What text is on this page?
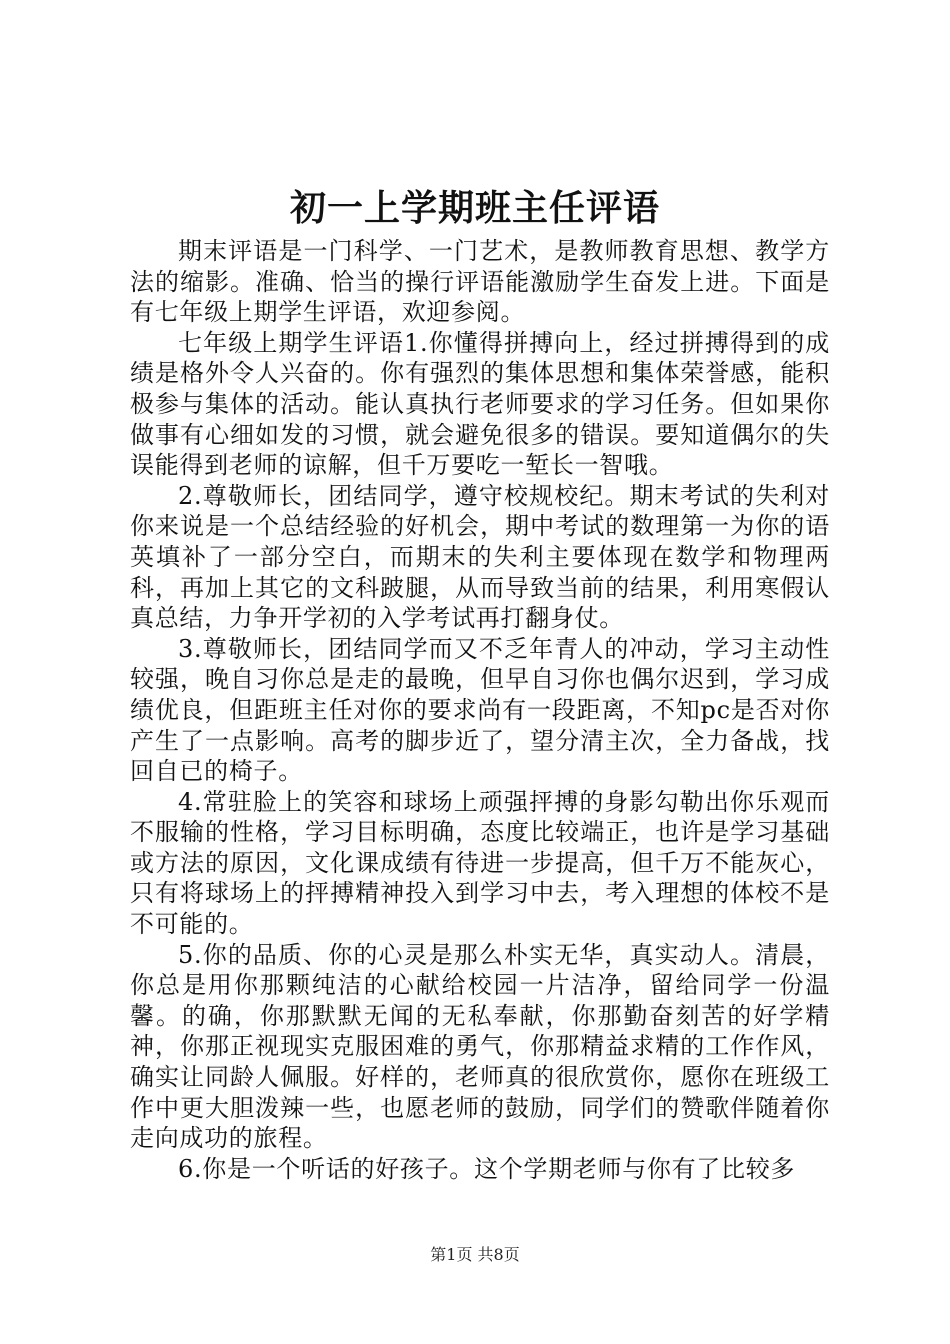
初一上学期班主任评语

期末评语是一门科学、一门艺术，是教师教育思想、教学方法的缩影。准确、恰当的操行评语能激励学生奋发上进。下面是有七年级上期学生评语，欢迎参阅。

七年级上期学生评语1.你懂得拼搏向上，经过拼搏得到的成绩是格外令人兴奋的。你有强烈的集体思想和集体荣誉感，能积极参与集体的活动。能认真执行老师要求的学习任务。但如果你做事有心细如发的习惯，就会避免很多的错误。要知道偶尔的失误能得到老师的谅解，但千万要吃一堑长一智哦。

2.尊敬师长，团结同学，遵守校规校纪。期末考试的失利对你来说是一个总结经验的好机会，期中考试的数理第一为你的语英填补了一部分空白，而期末的失利主要体现在数学和物理两科，再加上其它的文科跛腿，从而导致当前的结果，利用寒假认真总结，力争开学初的入学考试再打翻身仗。

3.尊敬师长，团结同学而又不乏年青人的冲动，学习主动性较强，晚自习你总是走的最晚，但早自习你也偶尔迟到，学习成绩优良，但距班主任对你的要求尚有一段距离，不知pc是否对你产生了一点影响。高考的脚步近了，望分清主次，全力备战，找回自已的椅子。

4.常驻脸上的笑容和球场上顽强抨搏的身影勾勒出你乐观而不服输的性格，学习目标明确，态度比较端正，也许是学习基础或方法的原因，文化课成绩有待进一步提高，但千万不能灰心，只有将球场上的抨搏精神投入到学习中去，考入理想的体校不是不可能的。

5.你的品质、你的心灵是那么朴实无华，真实动人。清晨，你总是用你那颗纯洁的心献给校园一片洁净，留给同学一份温馨。的确，你那默默无闻的无私奉献，你那勤奋刻苦的好学精神，你那正视现实克服困难的勇气，你那精益求精的工作作风，确实让同龄人佩服。好样的，老师真的很欣赏你，愿你在班级工作中更大胆泼辣一些，也愿老师的鼓励，同学们的赞歌伴随着你走向成功的旅程。

6.你是一个听话的好孩子。这个学期老师与你有了比较多

第1页 共8页
